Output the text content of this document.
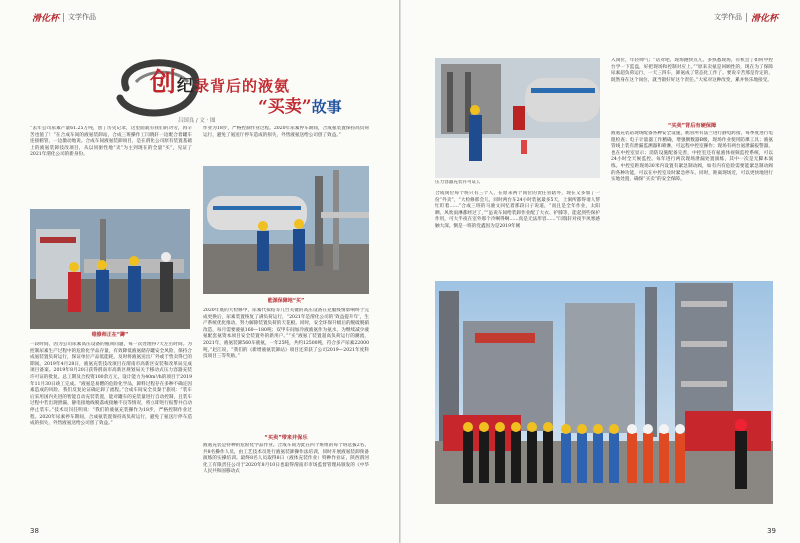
滑化杯 文学作品
创纪录背后的液氨
“买卖”故事
吕国良 / 文 · 图
“去年公司尿素产量61.25万吨，创了历史记录，这里面就有我们的功劳，再辛苦也值了！”在合成车间的液氨装卸站，合成三班操作工闫晓轩一边配合着罐车连接鹤管，一边激动地说。合成车间液氨装卸项目，是在渭化公司原有装置基础上的液氨装卸技改项目，从以同驱性地“卖”为主到现在的全量“买”，见证了2021年渭化公司的新身份。
作业为18步，严格控制作业过程。2020年尿素停车期间，合成氨装置保持高负荷运行，避免了氨送厅停车造成的损失，外售液氨送给公司创了效益。”
维修师正在“蹲”
一段时间，因为公司尿素高压设备的瓶颈问题，每一次处理得7天左右时间。为控制尿素生产过程中的危险化学品存量，有效降低液氨储存罐安全风险，保持合成氨装置负荷运行，保证单位产品低能耗，及时将液氨送出厂外或于售卖得已的期间。2019年4月28日，液氨充装技改项目在渭南市高新区安装和改革局完成项目备案。2019年8月20日获得渭南市高新区规划局关于移动式压力容器充装许可证的批复。总工期及合投资100余万元，设计能力为40m³/h的项目于2019年11月30日竣工完成。“液氨是易燃的危险化学品，卸料过程存在多种不确定因素造成的风险，我们反复论证确定卸了流程。”合成车间安全员秦于旅说：“装车后采用国内先进的智能自动充装装置，能对罐车的充装量进行自动控制，且装车过程中若出现泄漏、静电接地线脱落或接触不良等情况，将立即进行报警并自动停止装车。”技术员闫任明说：“我们的液氨充装操作为18步，严格控制作业过程。2020年尿素停车期间，合成氨装置保持高负荷运行，避免了氨送厅停车造成的损失，外售液氨送给公司创了效益。”
能源保障地“买”
2020年底的大检修中，尿素代拟结等几台关键的高压设备在克服疫情影响终于完成更换后，尿素装置恢复了满负荷运行，“2021年是渭化公司的‘效益提升年’，生产系统优化推动，努力解除装置负荷的天花板。同时，安全环保升级后的脱硫脱硝改造，每月需要液氨160—180吨；双甲车间加冷液液氨作为氨水，为继续减少液氨配套氨资本项目安全装置外的新用户。”“买”液氨了装置超高负荷运行的潮流，2021年，液氨装卸560车液氨，一年25吨，共约12500吨，符合多产尿素22000吨，”赵江说，“我们的《新增液氨装卸站》项目还荣获了公司2019—2021年度科技项目三等奖励。”
“买卖”带来并保乐
液氨充装是特种的危险化学品作业。合成车间为此在四个班组的每个班选拔2名、共8名操作人员，由工艺技术员进行液氨装卸操作法培训，同时开展液氨装卸预备演练的实操培训。最终8名人员取得8日（液体充装作业）特种作业证，陕西渭河化工有限责任公司于2020年8月10日也取得渭南市市场监督管理局颁发的《中华人民共和国移动式
38
文学作品 滑化杯
压力容器充装许可证》。
合成岗位每个班只有三个人，在原来两个岗位的责任管辖外，现在又多加了一份“外卖”，“大检修那会儿，同时两台车24小时装氨最多5天，上洞所都得请人帮忙盯着……”合成三班的马骏文回忆着那段日子说道，“而且是全年作业，太阳晒、风吹雨淋都经过了，”“虽说车间给装卸作业配了大衣、护膝等，能起到些保护作用，可大半夜在室外那个冷啊得啊……真是无法形容……”闫瑞轩对夜半风寒感触大深。倒是一班的党鑫因为是2019年刚
入岗位，年轻帅气；“话对吧、现场跑快点儿、多熟悉现场，有机会了如何中控台学一下监盘，好把现场和控制对应上。”“原来卖氨是回顾性的，现在为了保障尿素超负荷运行，一天三四车，卸氨成了常态化工作了。要说辛苦那是肯定的，既然身在这个岗位，就当锻好好这个责任。”大家对这种改变，累并快乐地接受。
“买卖”背后有硬保障
液氨充装站现场配备各种安全设施，鹤管所有法兰进行静电跨接，每季度进行电阻检查；电子计量器工作精确，增强倒数器B级，现场作业使用防爆工具；液氨管线上装有泄漏监测器和喷淋，可远程中控室操作；现场有两台氨泄漏报警器，也在中控室显示；消防设施配备完善，中控室还有氨液体视频监控系统，可以24小时全天候监控。每年进行两次现场泄漏处置演练，其中一次是无脚本演练。中控室距现场30米内设置有紧急制动阀，如有内有危险需要能紧急制动阀的各种功能，可以在中控室及时紧急停车。同时，距离现场近，可以更快地进行实地处置，确保“买卖”的安全保障。
39
